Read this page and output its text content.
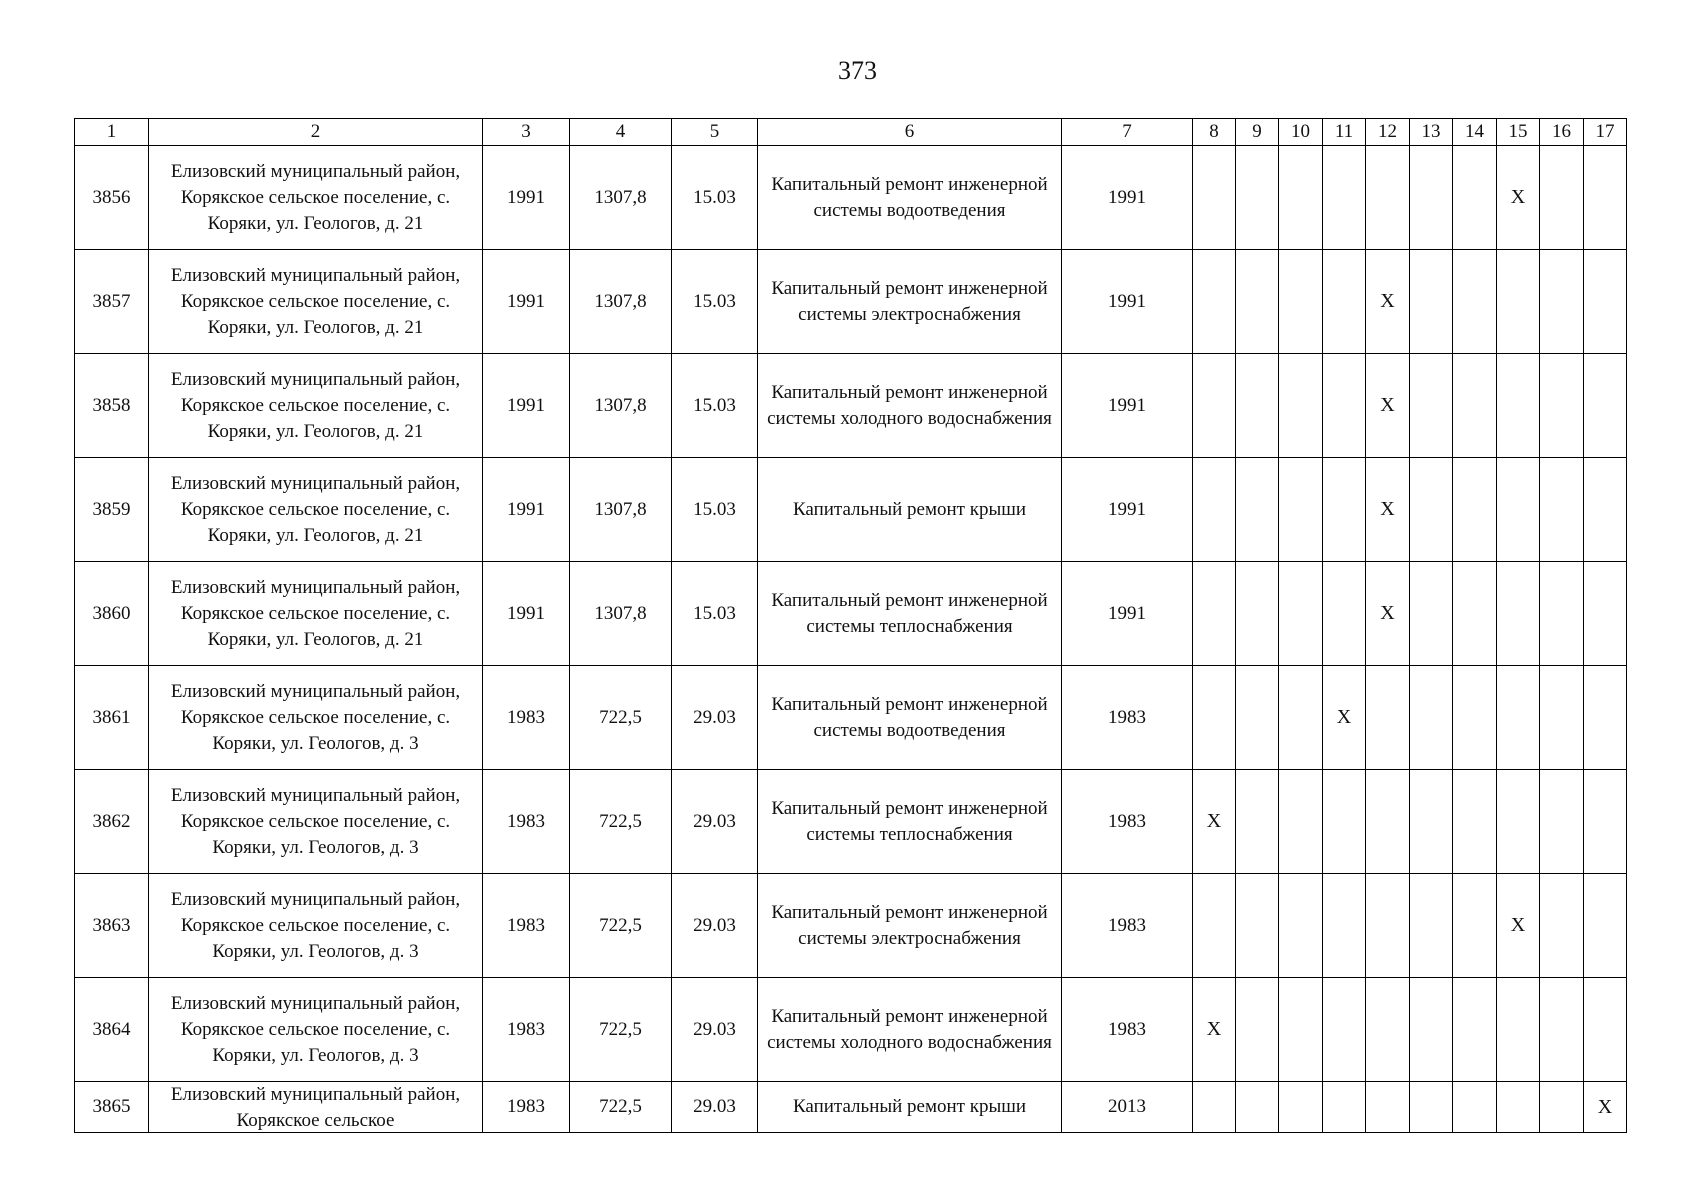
373
1	2	3	4	5	6	7	8	9	10	11	12	13	14	15	16	17
3856	Елизовский муниципальный район, Корякское сельское поселение, с. Коряки, ул. Геологов, д. 21	1991	1307,8	15.03	Капитальный ремонт инженерной системы водоотведения	1991								X		
3857	Елизовский муниципальный район, Корякское сельское поселение, с. Коряки, ул. Геологов, д. 21	1991	1307,8	15.03	Капитальный ремонт инженерной системы электроснабжения	1991					X					
3858	Елизовский муниципальный район, Корякское сельское поселение, с. Коряки, ул. Геологов, д. 21	1991	1307,8	15.03	Капитальный ремонт инженерной системы холодного водоснабжения	1991					X					
3859	Елизовский муниципальный район, Корякское сельское поселение, с. Коряки, ул. Геологов, д. 21	1991	1307,8	15.03	Капитальный ремонт крыши	1991					X					
3860	Елизовский муниципальный район, Корякское сельское поселение, с. Коряки, ул. Геологов, д. 21	1991	1307,8	15.03	Капитальный ремонт инженерной системы теплоснабжения	1991					X					
3861	Елизовский муниципальный район, Корякское сельское поселение, с. Коряки, ул. Геологов, д. 3	1983	722,5	29.03	Капитальный ремонт инженерной системы водоотведения	1983				X						
3862	Елизовский муниципальный район, Корякское сельское поселение, с. Коряки, ул. Геологов, д. 3	1983	722,5	29.03	Капитальный ремонт инженерной системы теплоснабжения	1983	X									
3863	Елизовский муниципальный район, Корякское сельское поселение, с. Коряки, ул. Геологов, д. 3	1983	722,5	29.03	Капитальный ремонт инженерной системы электроснабжения	1983								X		
3864	Елизовский муниципальный район, Корякское сельское поселение, с. Коряки, ул. Геологов, д. 3	1983	722,5	29.03	Капитальный ремонт инженерной системы холодного водоснабжения	1983	X									
3865	Елизовский муниципальный район, Корякское сельское	1983	722,5	29.03	Капитальный ремонт крыши	2013										X
